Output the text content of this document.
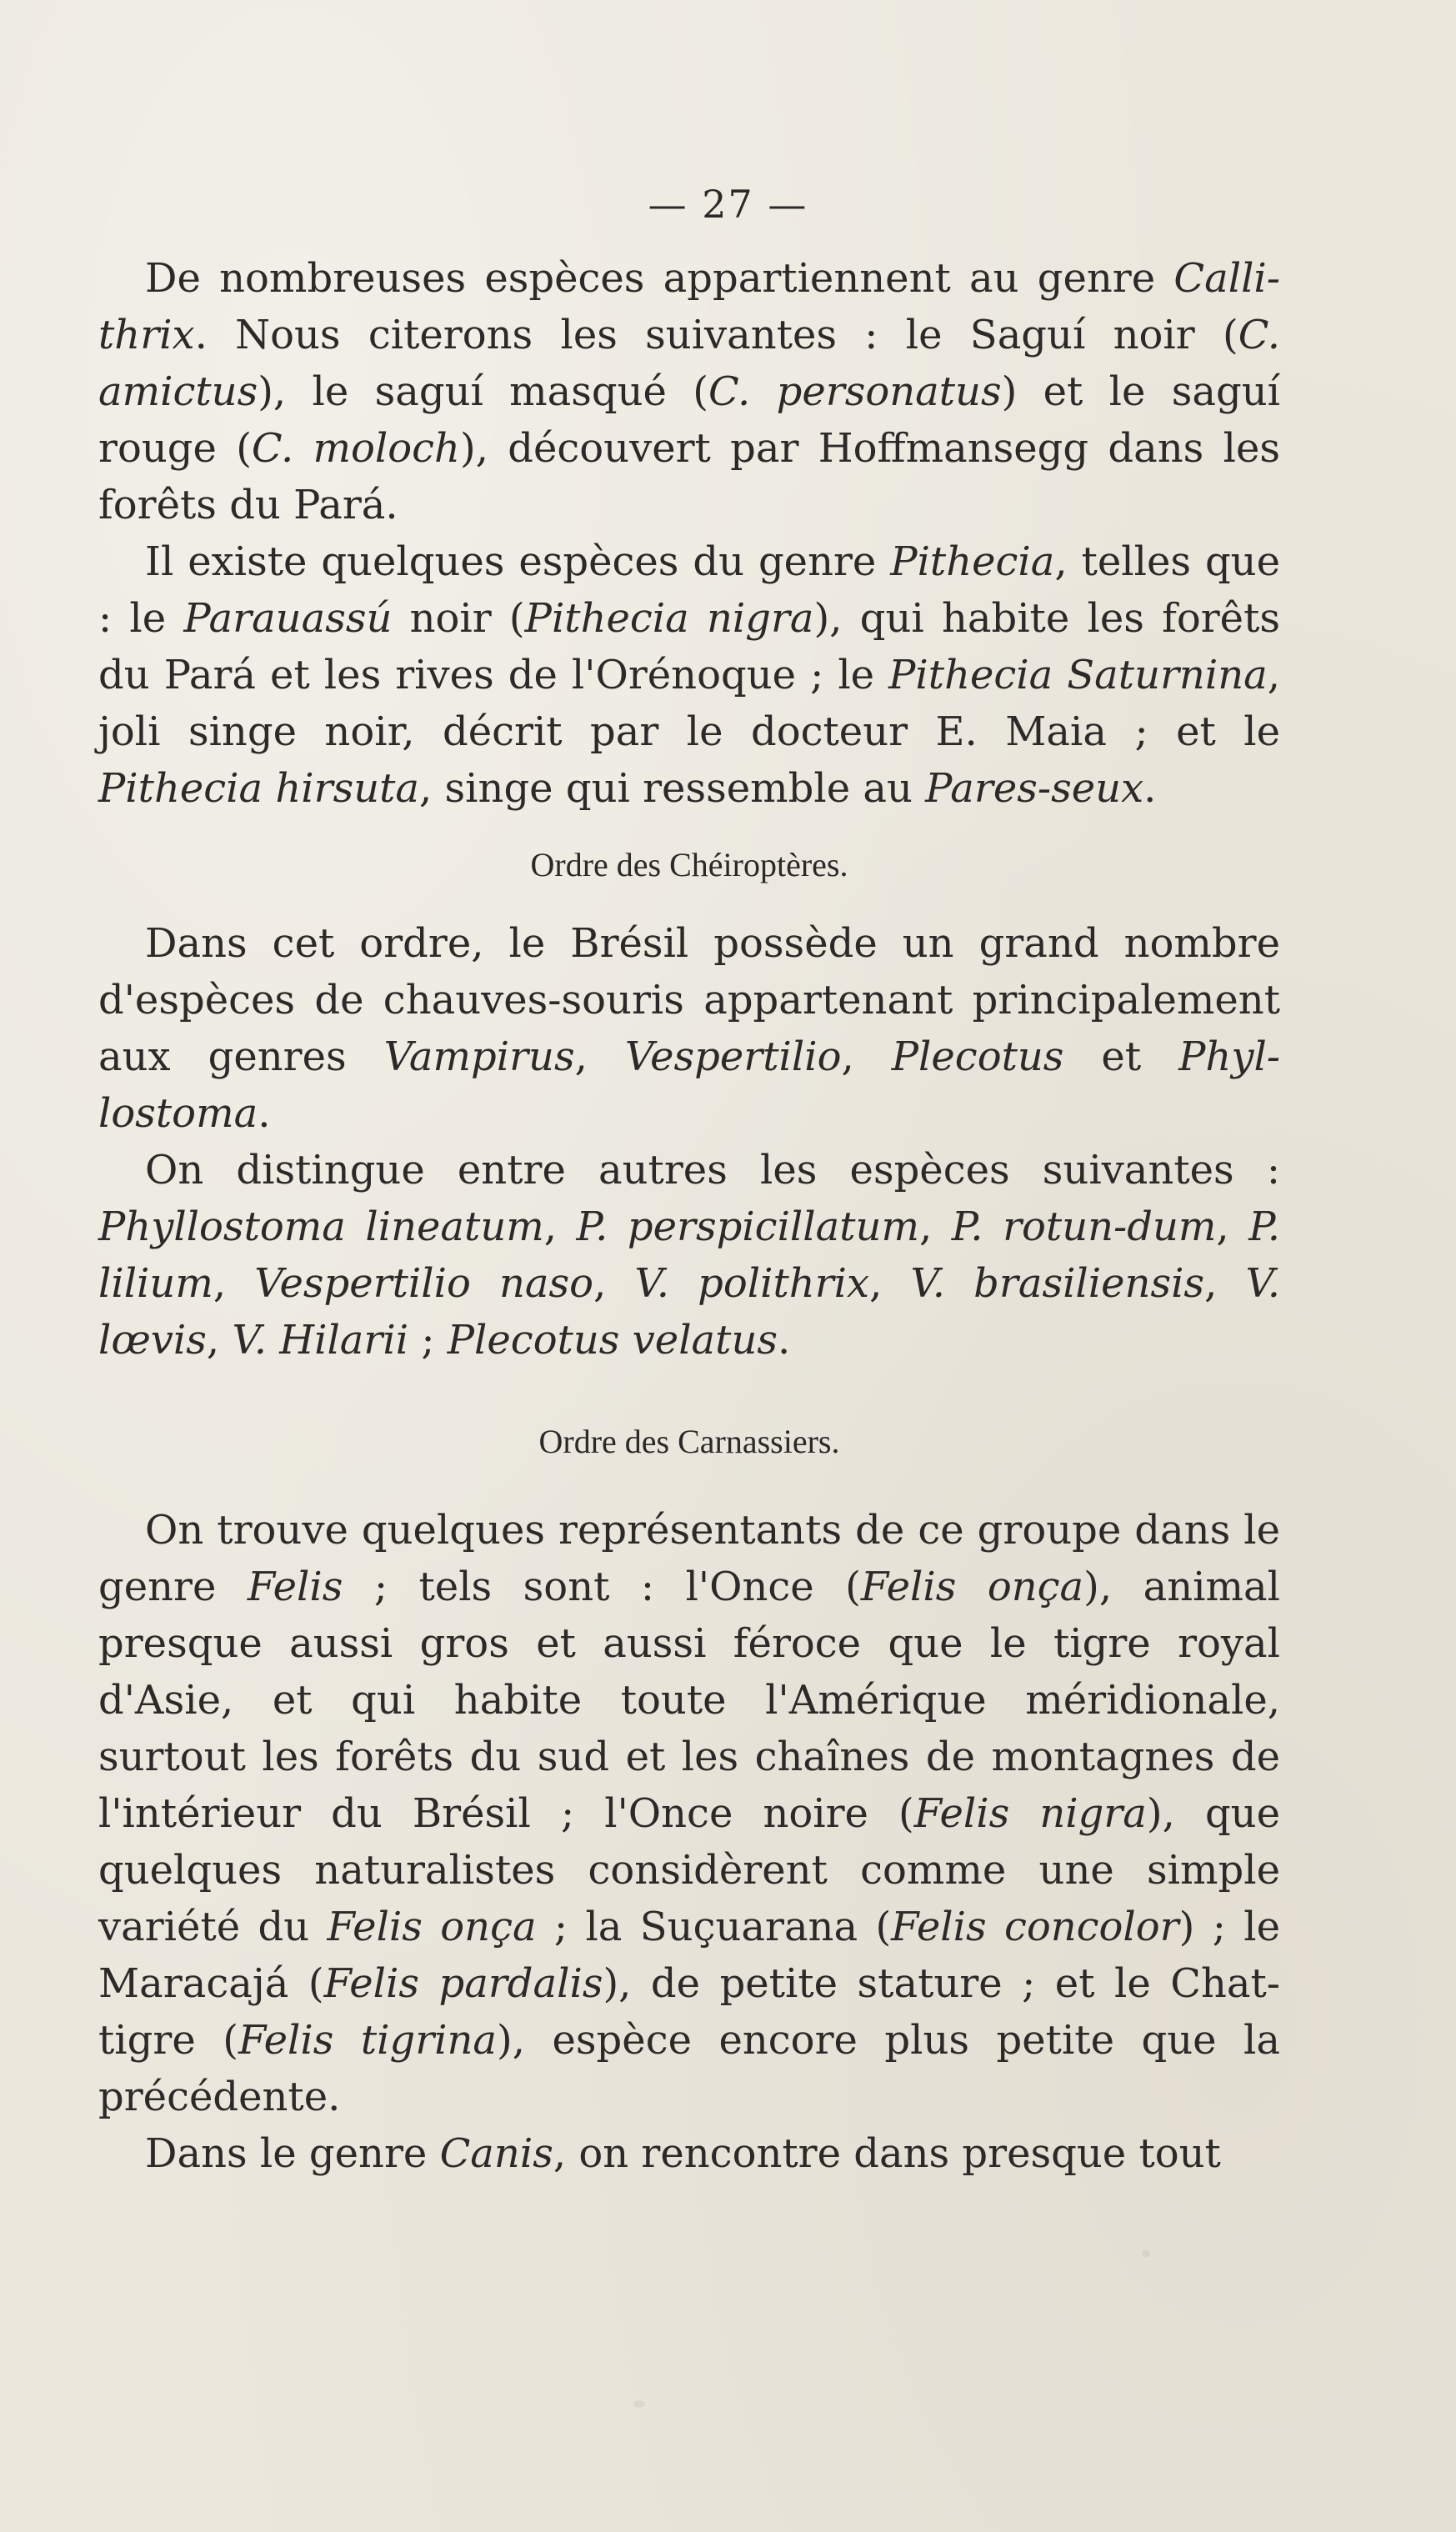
— 27 —

De nombreuses espèces appartiennent au genre Calli-thrix. Nous citerons les suivantes : le Saguí noir (C. amictus), le saguí masqué (C. personatus) et le saguí rouge (C. moloch), découvert par Hoffmansegg dans les forêts du Pará.

Il existe quelques espèces du genre Pithecia, telles que : le Parauassú noir (Pithecia nigra), qui habite les forêts du Pará et les rives de l'Orénoque ; le Pithecia Saturnina, joli singe noir, décrit par le docteur E. Maia ; et le Pithecia hirsuta, singe qui ressemble au Pares-seux.

Ordre des Chéiroptères.

Dans cet ordre, le Brésil possède un grand nombre d'espèces de chauves-souris appartenant principalement aux genres Vampirus, Vespertilio, Plecotus et Phyl-lostoma.

On distingue entre autres les espèces suivantes : Phyllostoma lineatum, P. perspicillatum, P. rotun-dum, P. lilium, Vespertilio naso, V. polithrix, V. brasiliensis, V. lœvis, V. Hilarii ; Plecotus velatus.

Ordre des Carnassiers.

On trouve quelques représentants de ce groupe dans le genre Felis ; tels sont : l'Once (Felis onça), animal presque aussi gros et aussi féroce que le tigre royal d'Asie, et qui habite toute l'Amérique méridionale, surtout les forêts du sud et les chaînes de montagnes de l'intérieur du Brésil ; l'Once noire (Felis nigra), que quelques naturalistes considèrent comme une simple variété du Felis onça ; la Suçuarana (Felis concolor) ; le Maracajá (Felis pardalis), de petite stature ; et le Chat-tigre (Felis tigrina), espèce encore plus petite que la précédente.

Dans le genre Canis, on rencontre dans presque tout
